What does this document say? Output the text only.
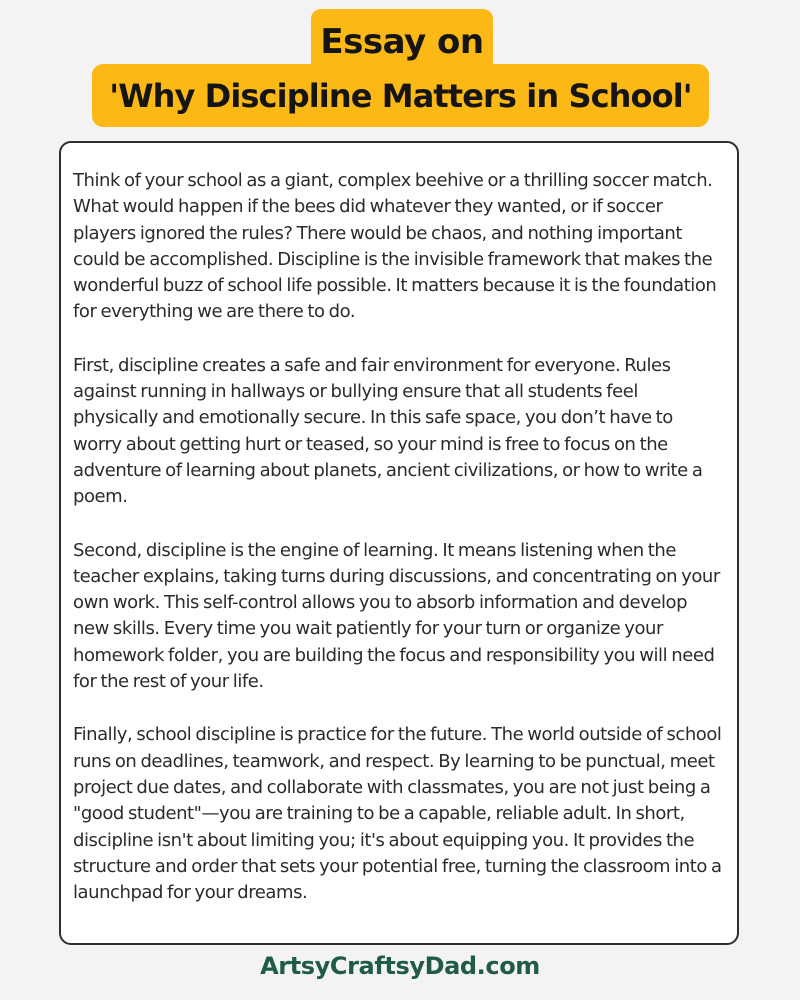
Essay on
'Why Discipline Matters in School'

Think of your school as a giant, complex beehive or a thrilling soccer match. What would happen if the bees did whatever they wanted, or if soccer players ignored the rules? There would be chaos, and nothing important could be accomplished. Discipline is the invisible framework that makes the wonderful buzz of school life possible. It matters because it is the foundation for everything we are there to do.

First, discipline creates a safe and fair environment for everyone. Rules against running in hallways or bullying ensure that all students feel physically and emotionally secure. In this safe space, you don’t have to worry about getting hurt or teased, so your mind is free to focus on the adventure of learning about planets, ancient civilizations, or how to write a poem.

Second, discipline is the engine of learning. It means listening when the teacher explains, taking turns during discussions, and concentrating on your own work. This self-control allows you to absorb information and develop new skills. Every time you wait patiently for your turn or organize your homework folder, you are building the focus and responsibility you will need for the rest of your life.

Finally, school discipline is practice for the future. The world outside of school runs on deadlines, teamwork, and respect. By learning to be punctual, meet project due dates, and collaborate with classmates, you are not just being a "good student"—you are training to be a capable, reliable adult. In short, discipline isn't about limiting you; it's about equipping you. It provides the structure and order that sets your potential free, turning the classroom into a launchpad for your dreams.

ArtsyCraftsyDad.com
